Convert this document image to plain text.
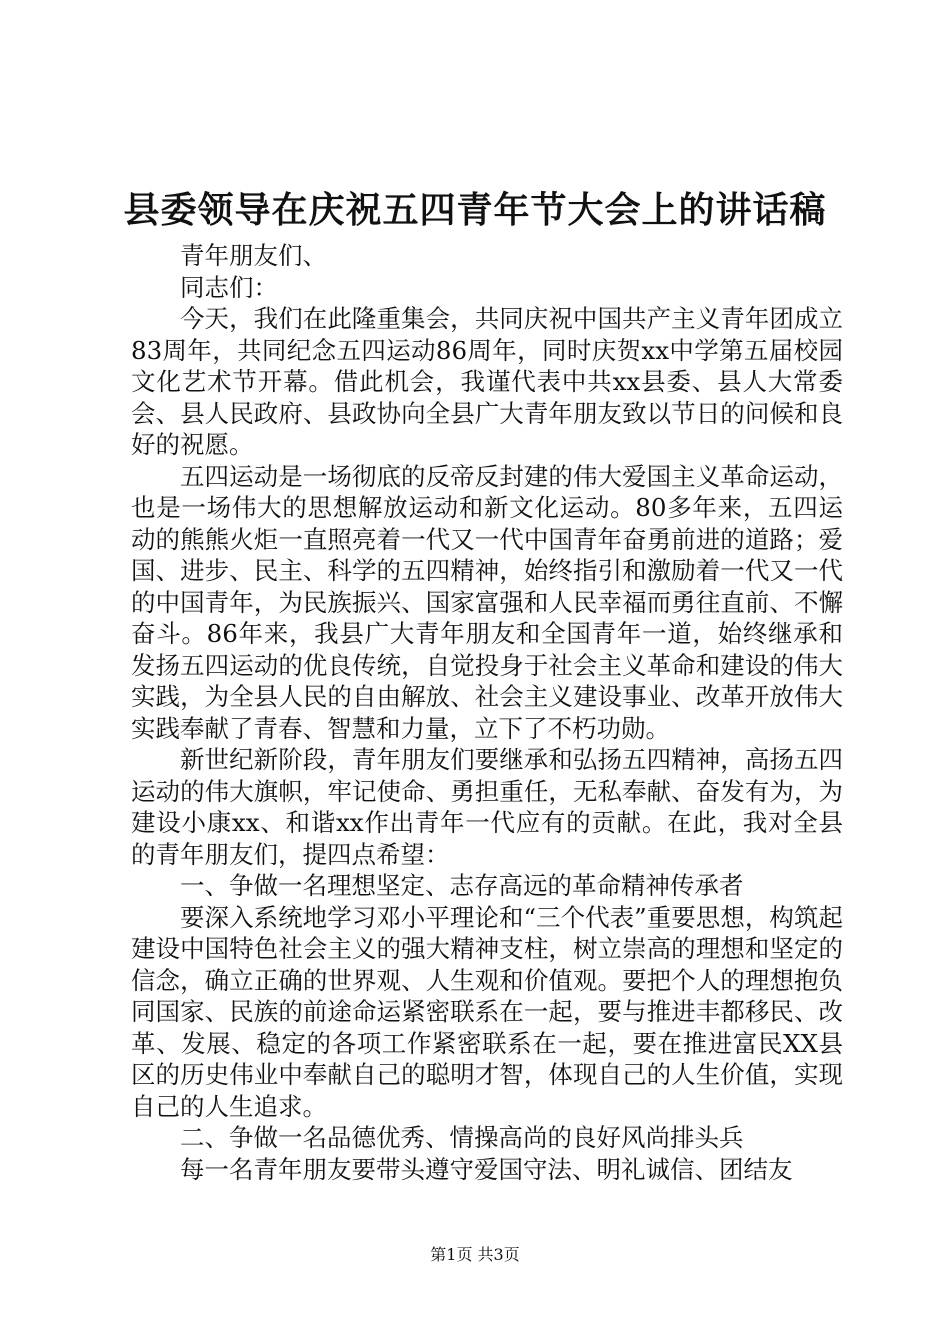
县委领导在庆祝五四青年节大会上的讲话稿

青年朋友们、

同志们：

今天，我们在此隆重集会，共同庆祝中国共产主义青年团成立83周年，共同纪念五四运动86周年，同时庆贺xx中学第五届校园文化艺术节开幕。借此机会，我谨代表中共xx县委、县人大常委会、县人民政府、县政协向全县广大青年朋友致以节日的问候和良好的祝愿。

五四运动是一场彻底的反帝反封建的伟大爱国主义革命运动，也是一场伟大的思想解放运动和新文化运动。80多年来，五四运动的熊熊火炬一直照亮着一代又一代中国青年奋勇前进的道路；爱国、进步、民主、科学的五四精神，始终指引和激励着一代又一代的中国青年，为民族振兴、国家富强和人民幸福而勇往直前、不懈奋斗。86年来，我县广大青年朋友和全国青年一道，始终继承和发扬五四运动的优良传统，自觉投身于社会主义革命和建设的伟大实践，为全县人民的自由解放、社会主义建设事业、改革开放伟大实践奉献了青春、智慧和力量，立下了不朽功勋。

新世纪新阶段，青年朋友们要继承和弘扬五四精神，高扬五四运动的伟大旗帜，牢记使命、勇担重任，无私奉献、奋发有为，为建设小康xx、和谐xx作出青年一代应有的贡献。在此，我对全县的青年朋友们，提四点希望：

一、争做一名理想坚定、志存高远的革命精神传承者

要深入系统地学习邓小平理论和“三个代表”重要思想，构筑起建设中国特色社会主义的强大精神支柱，树立崇高的理想和坚定的信念，确立正确的世界观、人生观和价值观。要把个人的理想抱负同国家、民族的前途命运紧密联系在一起，要与推进丰都移民、改革、发展、稳定的各项工作紧密联系在一起，要在推进富民XX县区的历史伟业中奉献自己的聪明才智，体现自己的人生价值，实现自己的人生追求。

二、争做一名品德优秀、情操高尚的良好风尚排头兵

每一名青年朋友要带头遵守爱国守法、明礼诚信、团结友

第1页 共3页
